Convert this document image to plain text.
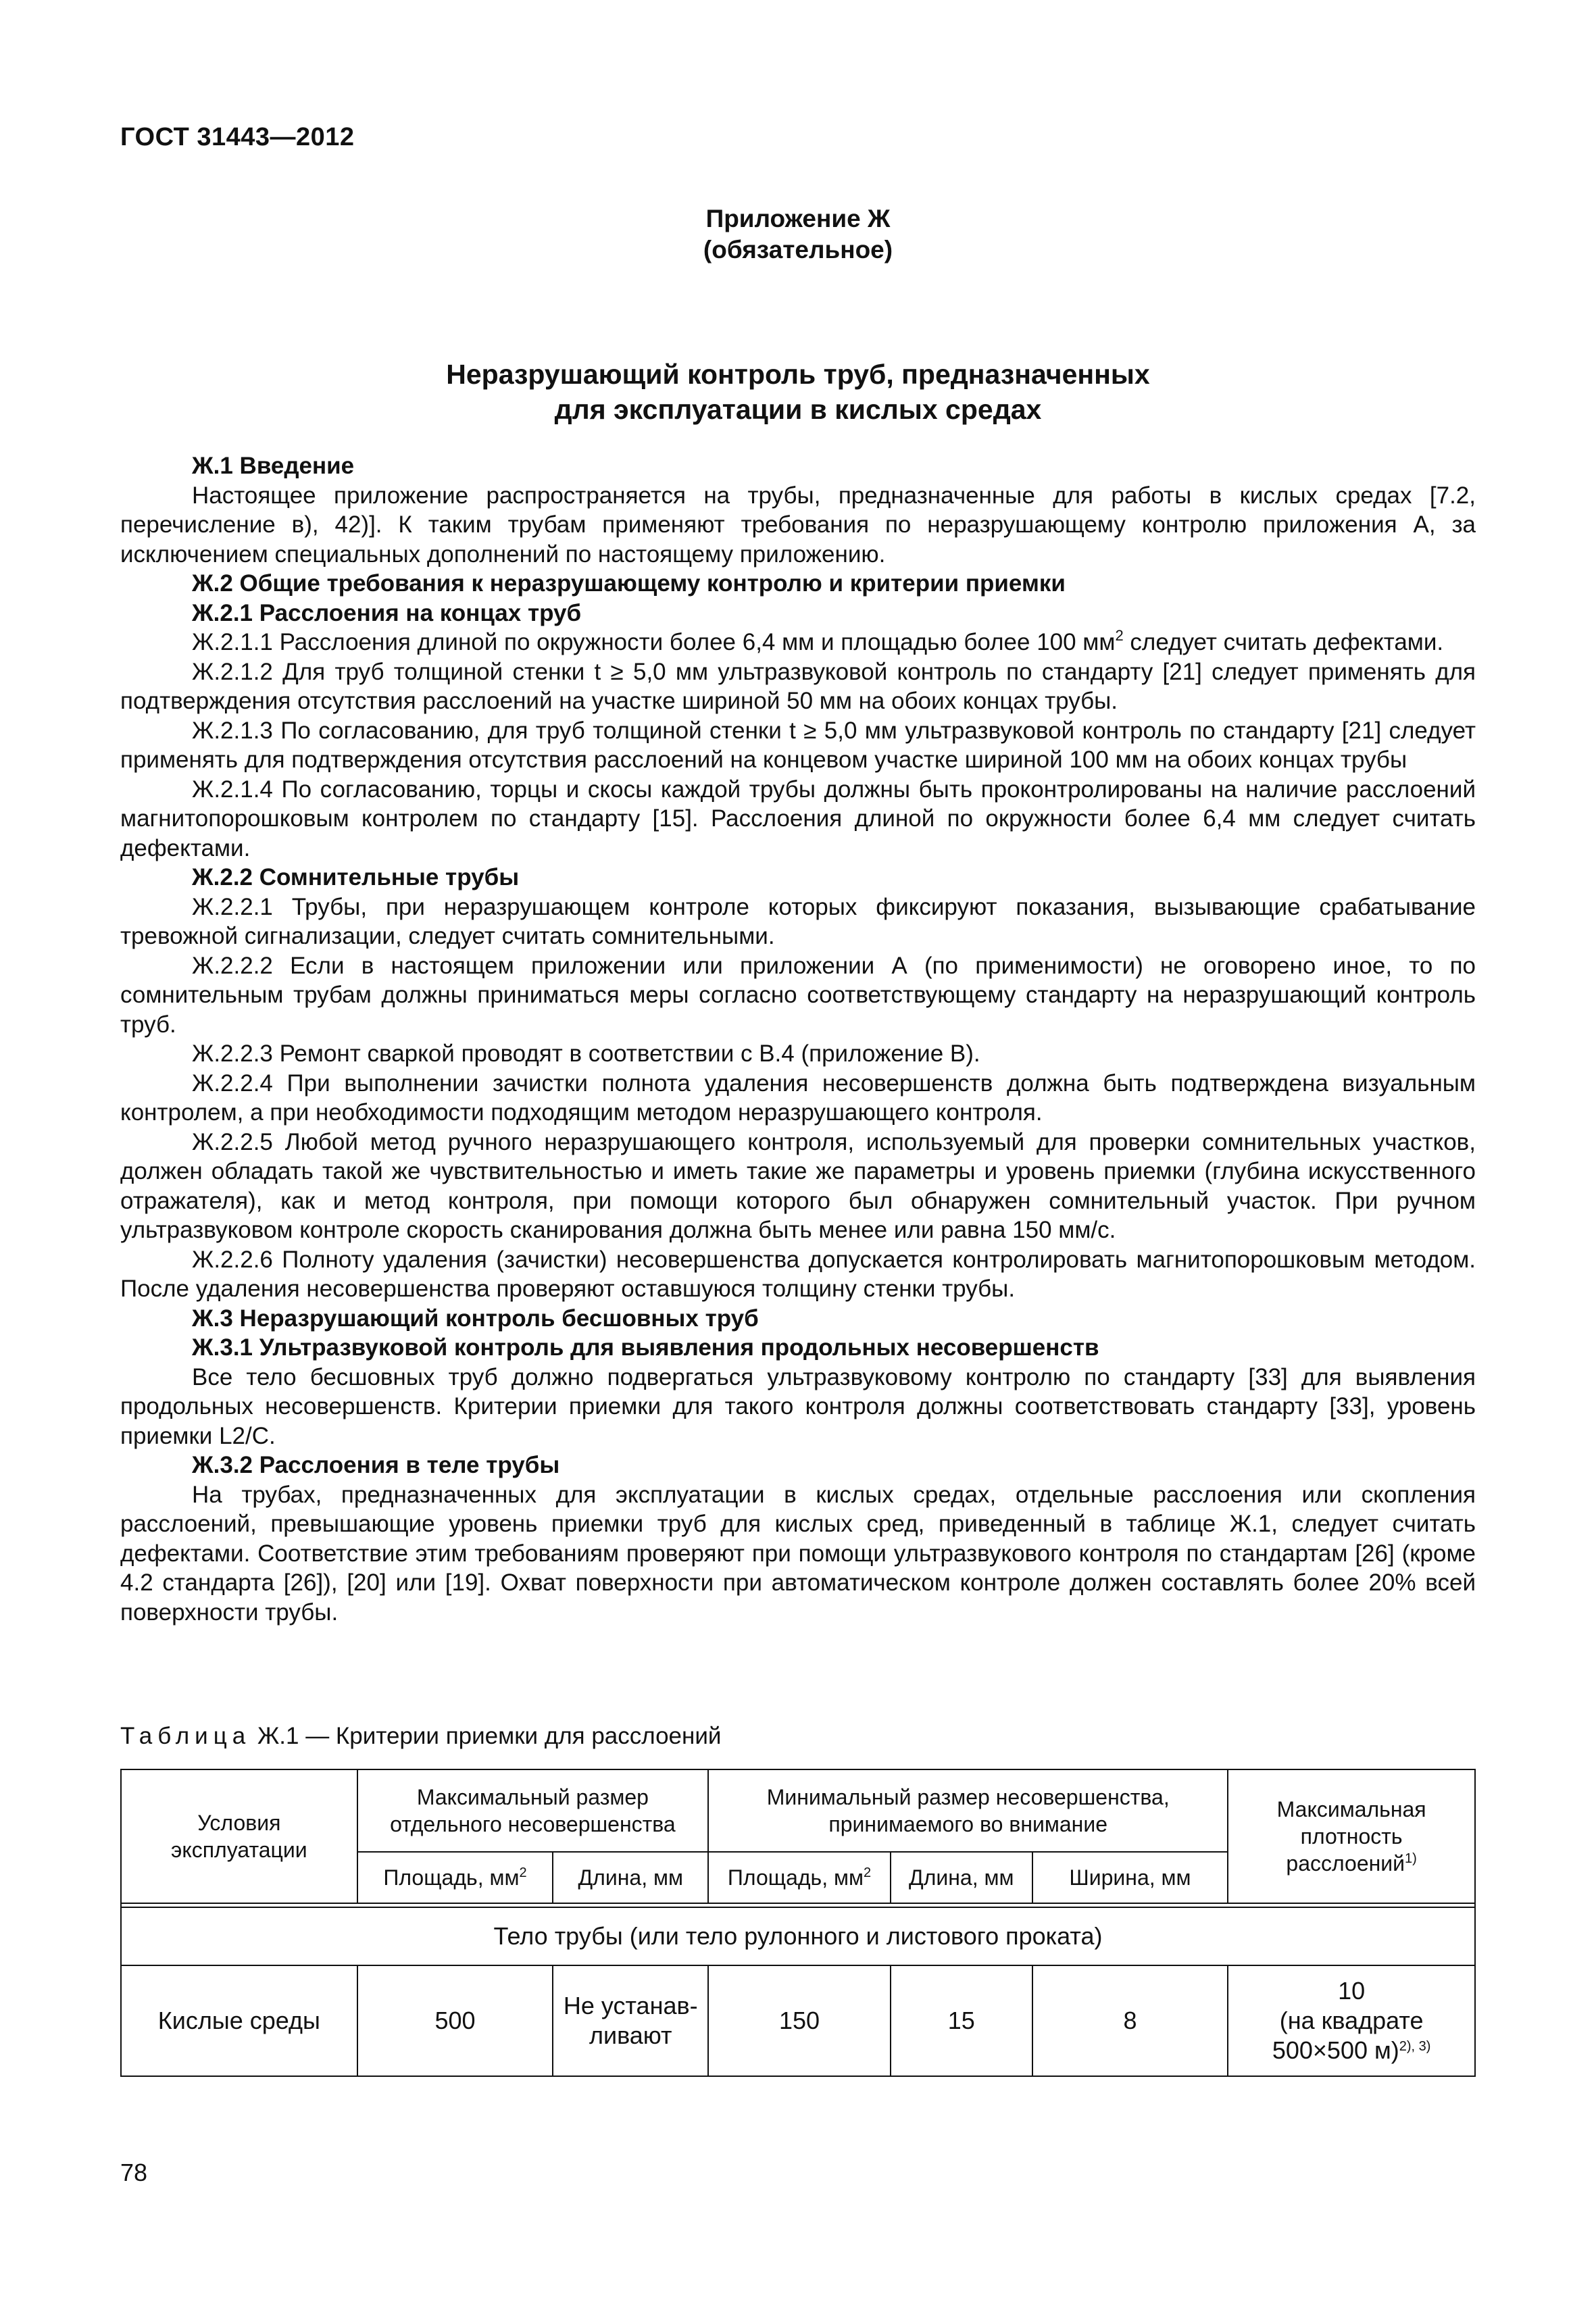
ГОСТ 31443—2012
Приложение Ж
(обязательное)
Неразрушающий контроль труб, предназначенных
для эксплуатации в кислых средах

Ж.1 Введение

Настоящее приложение распространяется на трубы, предназначенные для работы в кислых средах [7.2, перечисление в), 42)]. К таким трубам применяют требования по неразрушающему контролю приложения А, за исключением специальных дополнений по настоящему приложению.

Ж.2 Общие требования к неразрушающему контролю и критерии приемки

Ж.2.1 Расслоения на концах труб

Ж.2.1.1 Расслоения длиной по окружности более 6,4 мм и площадью более 100 $мм^2$ следует считать дефектами.

Ж.2.1.2 Для труб толщиной стенки t ≥ 5,0 мм ультразвуковой контроль по стандарту [21] следует применять для подтверждения отсутствия расслоений на участке шириной 50 мм на обоих концах трубы.

Ж.2.1.3 По согласованию, для труб толщиной стенки t ≥ 5,0 мм ультразвуковой контроль по стандарту [21] следует применять для подтверждения отсутствия расслоений на концевом участке шириной 100 мм на обоих концах трубы

Ж.2.1.4 По согласованию, торцы и скосы каждой трубы должны быть проконтролированы на наличие расслоений магнитопорошковым контролем по стандарту [15]. Расслоения длиной по окружности более 6,4 мм следует считать дефектами.

Ж.2.2 Сомнительные трубы

Ж.2.2.1 Трубы, при неразрушающем контроле которых фиксируют показания, вызывающие срабатывание тревожной сигнализации, следует считать сомнительными.

Ж.2.2.2 Если в настоящем приложении или приложении А (по применимости) не оговорено иное, то по сомнительным трубам должны приниматься меры согласно соответствующему стандарту на неразрушающий контроль труб.

Ж.2.2.3 Ремонт сваркой проводят в соответствии с В.4 (приложение В).

Ж.2.2.4 При выполнении зачистки полнота удаления несовершенств должна быть подтверждена визуальным контролем, а при необходимости подходящим методом неразрушающего контроля.

Ж.2.2.5 Любой метод ручного неразрушающего контроля, используемый для проверки сомнительных участков, должен обладать такой же чувствительностью и иметь такие же параметры и уровень приемки (глубина искусственного отражателя), как и метод контроля, при помощи которого был обнаружен сомнительный участок. При ручном ультразвуковом контроле скорость сканирования должна быть менее или равна 150 мм/с.

Ж.2.2.6 Полноту удаления (зачистки) несовершенства допускается контролировать магнитопорошковым методом. После удаления несовершенства проверяют оставшуюся толщину стенки трубы.

Ж.3 Неразрушающий контроль бесшовных труб

Ж.3.1 Ультразвуковой контроль для выявления продольных несовершенств

Все тело бесшовных труб должно подвергаться ультразвуковому контролю по стандарту [33] для выявления продольных несовершенств. Критерии приемки для такого контроля должны соответствовать стандарту [33], уровень приемки L2/C.

Ж.3.2 Расслоения в теле трубы

На трубах, предназначенных для эксплуатации в кислых средах, отдельные расслоения или скопления расслоений, превышающие уровень приемки труб для кислых сред, приведенный в таблице Ж.1, следует считать дефектами. Соответствие этим требованиям проверяют при помощи ультразвукового контроля по стандартам [26] (кроме 4.2 стандарта [26]), [20] или [19]. Охват поверхности при автоматическом контроле должен составлять более 20% всей поверхности трубы.

Таблица Ж.1 — Критерии приемки для расслоений
Условия эксплуатации	Максимальный размер отдельного несовершенства		Минимальный размер несовершенства, принимаемого во внимание			Максимальная плотность расслоений$^{1)}$
	Площадь, $мм^2$	Длина, мм	Площадь, $мм^2$	Длина, мм	Ширина, мм	

Тело трубы (или тело рулонного и листового проката)						
Кислые среды	500	Не устанавливают	150	15	8	10
(на квадрате
500×500 м)$^{2), 3)}$
78
